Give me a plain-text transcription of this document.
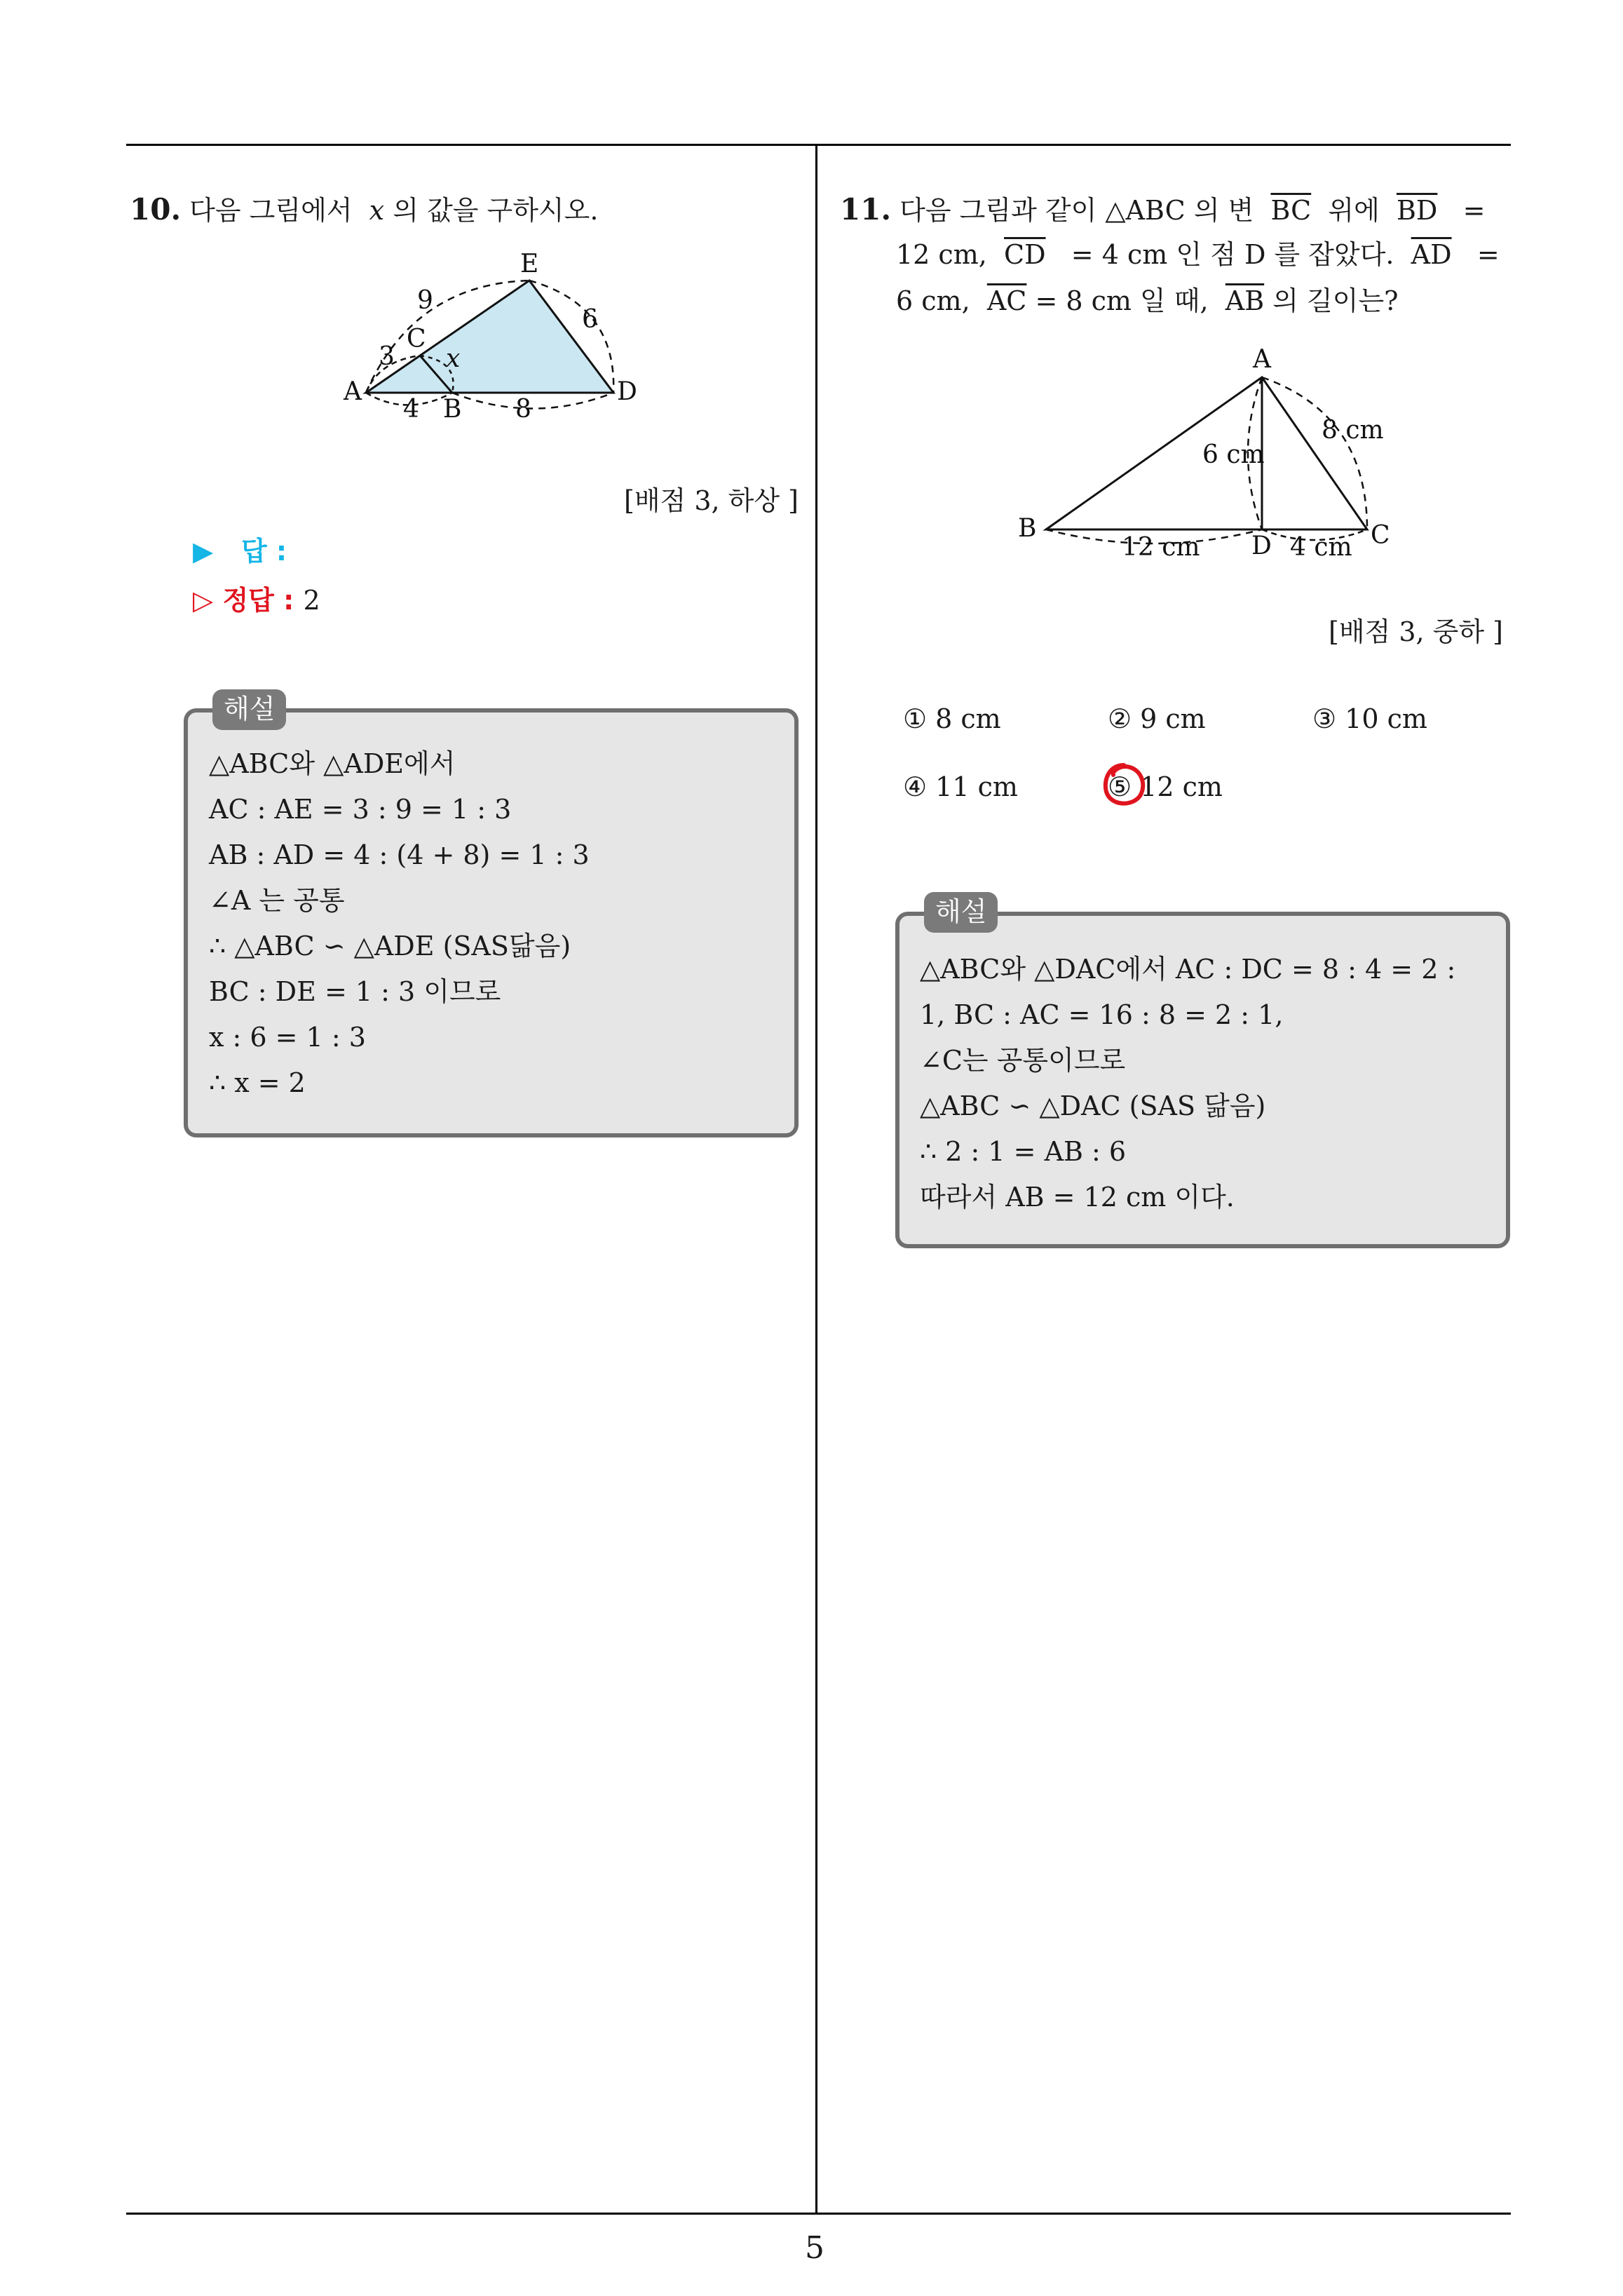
5
10. 다음 그림에서 x 의 값을 구하시오.
A
B
C
D
E
3
9
6
4	8
x
[배점 3, 하상 ]
▶ 답 :
▷ 정답 : 2
해설
△ABC와 △ADE에서
AC : AE = 3 : 9 = 1 : 3
AB : AD = 4 : (4 + 8) = 1 : 3
∠A 는 공통
∴ △ABC ∽ △ADE (SAS닮음)
BC : DE = 1 : 3 이므로
x : 6 = 1 : 3
∴ x = 2
11. 다음 그림과 같이 △ABC 의 변 $\overline{BC}$ 위에 $\overline{BD}$ =
12 cm, $\overline{CD} = 4$ cm 인 점 D 를 잡았다. $\overline{AD}$ =
6 cm, $\overline{AC} = 8$ cm 일 때, $\overline{AB}$ 의 길이는?
A
B	C
D
6 cm
8 cm
12 cm	4 cm
[배점 3, 중하 ]
① 8 cm	② 9 cm	③ 10 cm
④ 11 cm	⑤ 12 cm
해설
△ABC와 △DAC에서 AC : DC = 8 : 4 = 2 :
1, BC : AC = 16 : 8 = 2 : 1,
∠C는 공통이므로
△ABC ∽ △DAC (SAS 닮음)
∴ 2 : 1 = AB : 6
따라서 AB = 12 cm 이다.
